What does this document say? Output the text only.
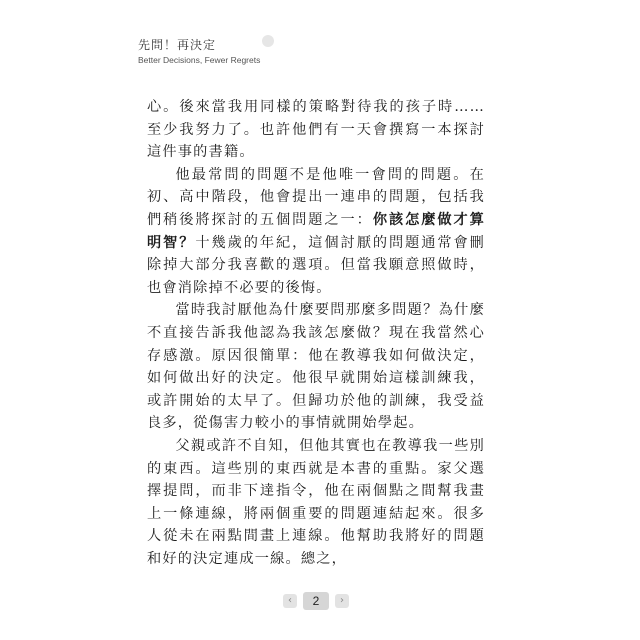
先問！再決定
Better Decisions, Fewer Regrets

心。後來當我用同樣的策略對待我的孩子時……至少我努力了。也許他們有一天會撰寫一本探討這件事的書籍。

他最常問的問題不是他唯一會問的問題。在初、高中階段，他會提出一連串的問題，包括我們稍後將探討的五個問題之一：你該怎麼做才算明智？十幾歲的年紀，這個討厭的問題通常會刪除掉大部分我喜歡的選項。但當我願意照做時，也會消除掉不必要的後悔。

當時我討厭他為什麼要問那麼多問題？為什麼不直接告訴我他認為我該怎麼做？現在我當然心存感激。原因很簡單：他在教導我如何做決定，如何做出好的決定。他很早就開始這樣訓練我，或許開始的太早了。但歸功於他的訓練，我受益良多，從傷害力較小的事情就開始學起。

父親或許不自知，但他其實也在教導我一些別的東西。這些別的東西就是本書的重點。家父選擇提問，而非下達指令，他在兩個點之間幫我畫上一條連線，將兩個重要的問題連結起來。很多人從未在兩點間畫上連線。他幫助我將好的問題和好的決定連成一線。總之，

‹	2	›
